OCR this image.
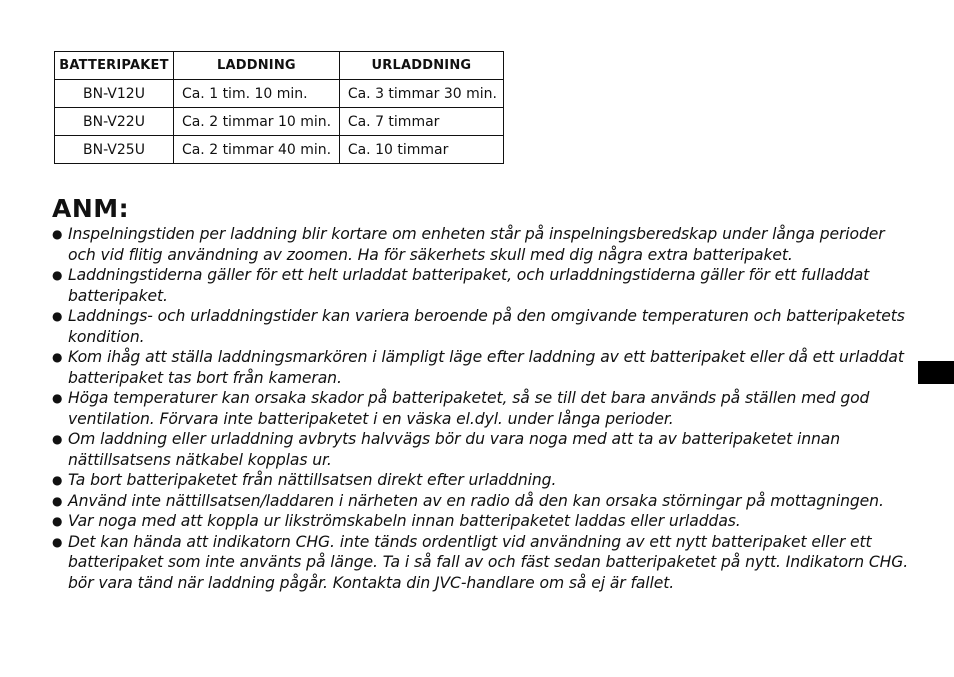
BATTERIPAKET	LADDNING	URLADDNING
BN-V12U	Ca. 1 tim. 10 min.	Ca. 3 timmar 30 min.
BN-V22U	Ca. 2 timmar 10 min.	Ca. 7 timmar
BN-V25U	Ca. 2 timmar 40 min.	Ca. 10 timmar
ANM:
● Inspelningstiden per laddning blir kortare om enheten står på inspelningsberedskap under långa perioder och vid flitig användning av zoomen. Ha för säkerhets skull med dig några extra batteripaket.
● Laddningstiderna gäller för ett helt urladdat batteripaket, och urladdningstiderna gäller för ett fulladdat batteripaket.
● Laddnings- och urladdningstider kan variera beroende på den omgivande temperaturen och batteripaketets kondition.
● Kom ihåg att ställa laddningsmarkören i lämpligt läge efter laddning av ett batteripaket eller då ett urladdat batteripaket tas bort från kameran.
● Höga temperaturer kan orsaka skador på batteripaketet, så se till det bara används på ställen med god ventilation. Förvara inte batteripaketet i en väska el.dyl. under långa perioder.
● Om laddning eller urladdning avbryts halvvägs bör du vara noga med att ta av batteripaketet innan nättillsatsens nätkabel kopplas ur.
● Ta bort batteripaketet från nättillsatsen direkt efter urladdning.
● Använd inte nättillsatsen/laddaren i närheten av en radio då den kan orsaka störningar på mottagningen.
● Var noga med att koppla ur likströmskabeln innan batteripaketet laddas eller urladdas.
● Det kan hända att indikatorn CHG. inte tänds ordentligt vid användning av ett nytt batteripaket eller ett batteripaket som inte använts på länge. Ta i så fall av och fäst sedan batteripaketet på nytt. Indikatorn CHG. bör vara tänd när laddning pågår. Kontakta din JVC-handlare om så ej är fallet.
